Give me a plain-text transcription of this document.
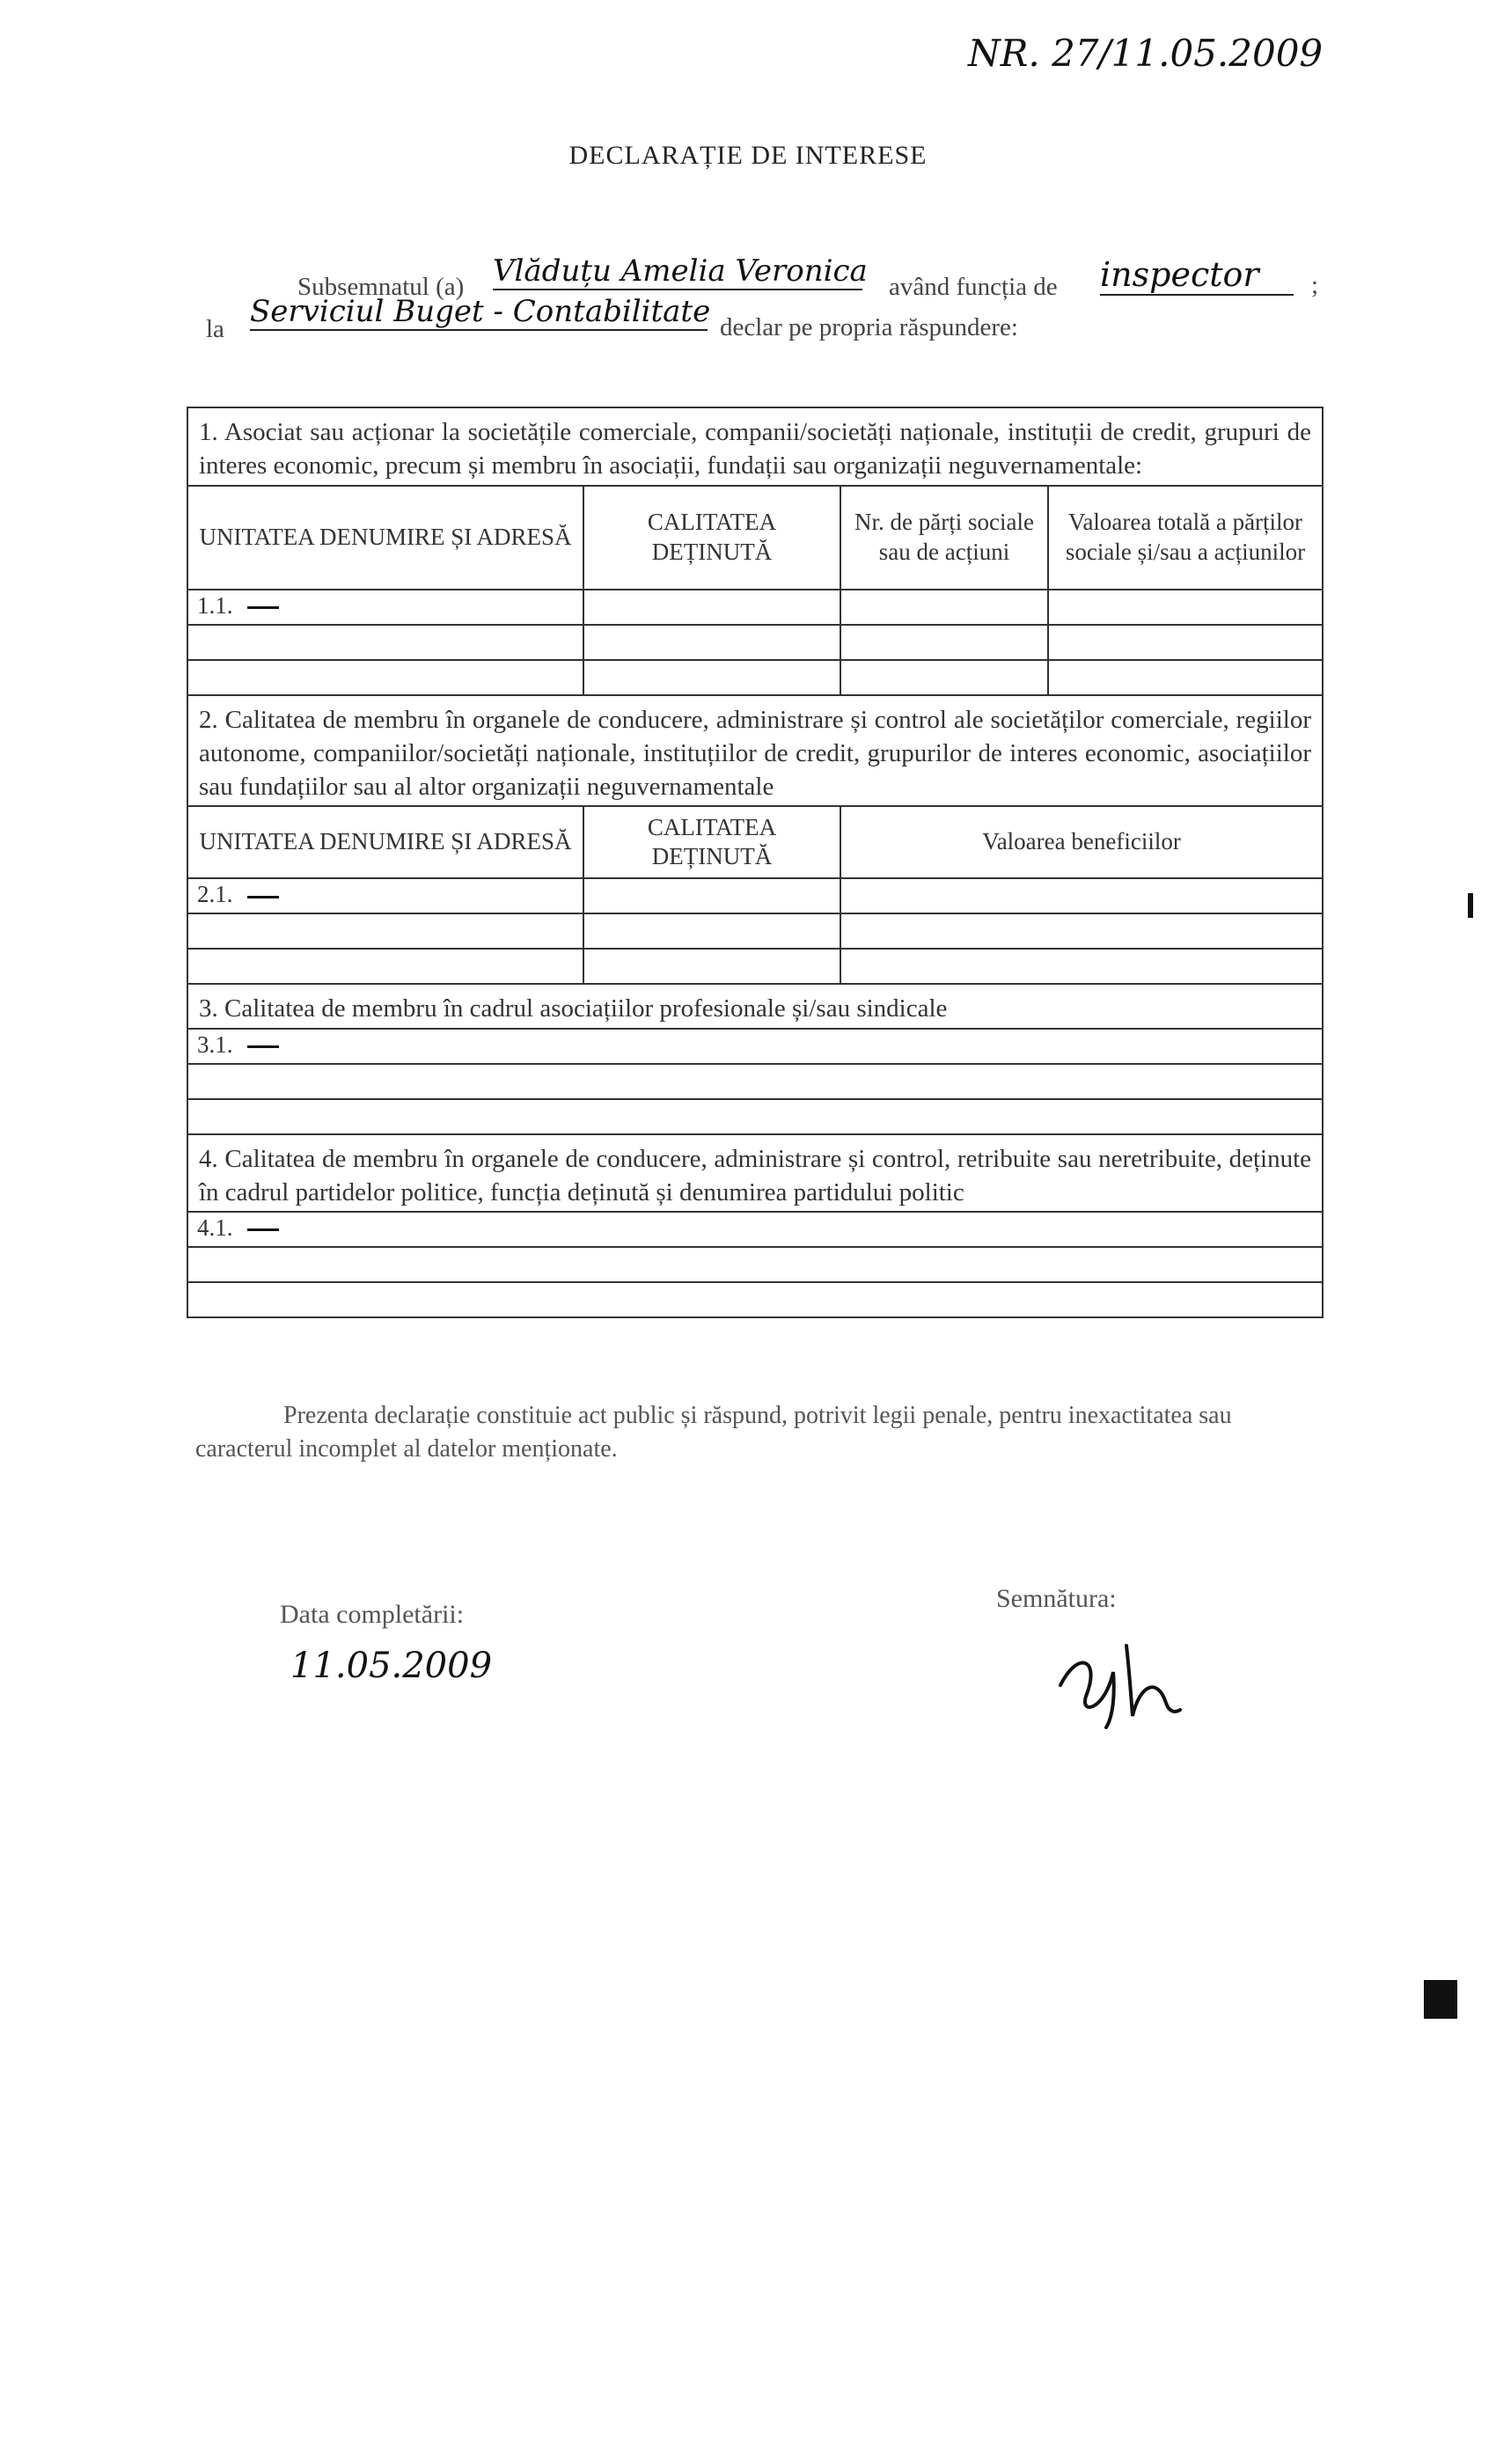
NR. 27/11.05.2009
DECLARAȚIE DE INTERESE
Subsemnatul (a) Vlăduțu Amelia Veronica având funcția de inspector	;
la Serviciul Buget - Contabilitate declar pe propria răspundere:
1. Asociat sau acționar la societățile comerciale, companii/societăți naționale, instituții de credit, grupuri de interes economic, precum și membru în asociații, fundații sau organizații neguvernamentale:			
UNITATEA DENUMIRE ȘI ADRESĂ	CALITATEA DEȚINUTĂ	Nr. de părți sociale sau de acțiuni	Valoarea totală a părților sociale și/sau a acțiunilor
1.1.			

2. Calitatea de membru în organele de conducere, administrare și control ale societăților comerciale, regiilor autonome, companiilor/societăți naționale, instituțiilor de credit, grupurilor de interes economic, asociațiilor sau fundațiilor sau al altor organizații neguvernamentale			
UNITATEA DENUMIRE ȘI ADRESĂ	CALITATEA DEȚINUTĂ	Valoarea beneficiilor	
2.1.			

3. Calitatea de membru în cadrul asociațiilor profesionale și/sau sindicale			
3.1.			

4. Calitatea de membru în organele de conducere, administrare și control, retribuite sau neretribuite, deținute în cadrul partidelor politice, funcția deținută și denumirea partidului politic			
4.1.			

Prezenta declarație constituie act public și răspund, potrivit legii penale, pentru inexactitatea sau caracterul incomplet al datelor menționate.
Data completării:
11.05.2009
Semnătura:
